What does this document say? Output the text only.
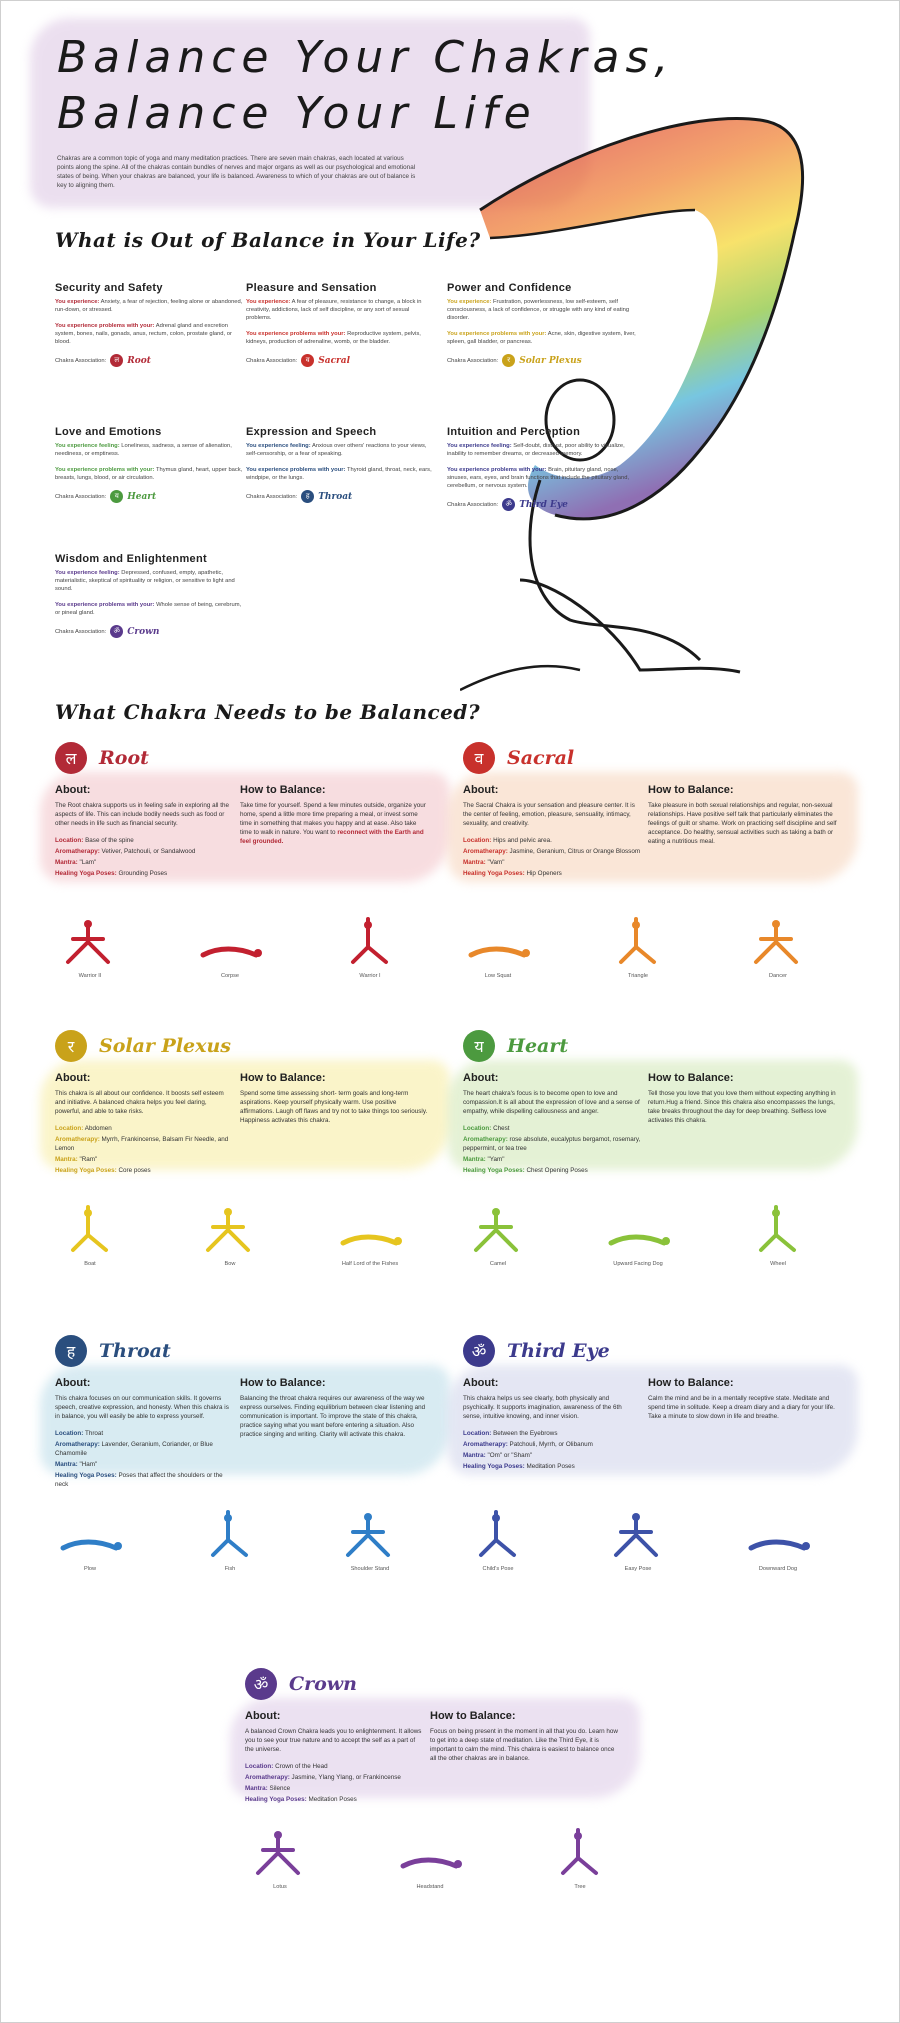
Balance Your Chakras,
Balance Your Life

Chakras are a common topic of yoga and many meditation practices. There are seven main chakras, each located at various points along the spine. All of the chakras contain bundles of nerves and major organs as well as our psychological and emotional states of being. When your chakras are balanced, your life is balanced. Awareness to which of your chakras are out of balance is key to aligning them.

What is Out of Balance in Your Life?
Security and Safety

You experience: Anxiety, a fear of rejection, feeling alone or abandoned, run-down, or stressed.

You experience problems with your: Adrenal gland and excretion system, bones, nails, gonads, anus, rectum, colon, prostate gland, or blood.

Chakra Association:	ल Root
Pleasure and Sensation

You experience: A fear of pleasure, resistance to change, a block in creativity, addictions, lack of self discipline, or any sort of sexual problems.

You experience problems with your: Reproductive system, pelvis, kidneys, production of adrenaline, womb, or the bladder.

Chakra Association:	व Sacral
Power and Confidence

You experience: Frustration, powerlessness, low self-esteem, self consciousness, a lack of confidence, or struggle with any kind of eating disorder.

You experience problems with your: Acne, skin, digestive system, liver, spleen, gall bladder, or pancreas.

Chakra Association:	र	Solar Plexus
Love and Emotions

You experience feeling: Loneliness, sadness, a sense of alienation, neediness, or emptiness.

You experience problems with your: Thymus gland, heart, upper back, breasts, lungs, blood, or air circulation.

Chakra Association:	य Heart
Expression and Speech

You experience feeling: Anxious over others' reactions to your views, self-censorship, or a fear of speaking.

You experience problems with your: Thyroid gland, throat, neck, ears, windpipe, or the lungs.

Chakra Association:	ह Throat
Intuition and Perception

You experience feeling: Self-doubt, distrust, poor ability to visualize, inability to remember dreams, or decreased memory.

You experience problems with your: Brain, pituitary gland, nose, sinuses, ears, eyes, and brain functions that include the pituitary gland, cerebellum, or nervous system.

Chakra Association:	ॐ Third Eye
Wisdom and Enlightenment

You experience feeling: Depressed, confused, empty, apathetic, materialistic, skeptical of spirituality or religion, or sensitive to light and sound.

You experience problems with your: Whole sense of being, cerebrum, or pineal gland.

Chakra Association:	ॐ Crown
What Chakra Needs to be Balanced?
ल	Root
About:

The Root chakra supports us in feeling safe in exploring all the aspects of life. This can include bodily needs such as food or other needs in life such as financial security.

Location: Base of the spine

Aromatherapy: Vetiver, Patchouli, or Sandalwood

Mantra: "Lam"

Healing Yoga Poses: Grounding Poses

How to Balance:

Take time for yourself. Spend a few minutes outside, organize your home, spend a little more time preparing a meal, or invest some time in something that makes you happy and at ease. Also take time to walk in nature. You want to reconnect with the Earth and feel grounded.

Warrior II	Corpse	Warrior I
व	Sacral
About:

The Sacral Chakra is your sensation and pleasure center. It is the center of feeling, emotion, pleasure, sensuality, intimacy, sexuality, and creativity.

Location: Hips and pelvic area.

Aromatherapy: Jasmine, Geranium, Citrus or Orange Blossom

Mantra: "Vam"

Healing Yoga Poses: Hip Openers

How to Balance:

Take pleasure in both sexual relationships and regular, non-sexual relationships. Have positive self talk that particularly eliminates the feelings of guilt or shame. Work on practicing self discipline and self acceptance. Do healthy, sensual activities such as taking a bath or eating a nutritious meal.

Low Squat	Triangle	Dancer
र	Solar Plexus
About:

This chakra is all about our confidence. It boosts self esteem and initiative. A balanced chakra helps you feel daring, powerful, and able to take risks.

Location: Abdomen

Aromatherapy: Myrrh, Frankincense, Balsam Fir Needle, and Lemon

Mantra: "Ram"

Healing Yoga Poses: Core poses

How to Balance:

Spend some time assessing short- term goals and long-term aspirations. Keep yourself physically warm. Use positive affirmations. Laugh off flaws and try not to take things too seriously. Happiness activates this chakra.

Boat	Bow	Half Lord of the Fishes
य	Heart
About:

The heart chakra's focus is to become open to love and compassion.It is all about the expression of love and a sense of empathy, while dispelling callousness and anger.

Location: Chest

Aromatherapy: rose absolute, eucalyptus bergamot, rosemary, peppermint, or tea tree

Mantra: "Yam"

Healing Yoga Poses: Chest Opening Poses

How to Balance:

Tell those you love that you love them without expecting anything in return.Hug a friend. Since this chakra also encompasses the lungs, take breaks throughout the day for deep breathing. Selfless love activates this chakra.

Camel	Upward Facing Dog	Wheel
ह	Throat
About:

This chakra focuses on our communication skills. It governs speech, creative expression, and honesty. When this chakra is in balance, you will easily be able to express yourself.

Location: Throat

Aromatherapy: Lavender, Geranium, Coriander, or Blue Chamomile

Mantra: "Ham"

Healing Yoga Poses: Poses that affect the shoulders or the neck

How to Balance:

Balancing the throat chakra requires our awareness of the way we express ourselves. Finding equilibrium between clear listening and communication is important. To improve the state of this chakra, practice saying what you want before entering a situation. Also practice singing and writing. Clarity will activate this chakra.

Plow	Fish	Shoulder Stand
ॐ	Third Eye
About:

This chakra helps us see clearly, both physically and psychically. It supports imagination, awareness of the 6th sense, intuitive knowing, and inner vision.

Location: Between the Eyebrows

Aromatherapy: Patchouli, Myrrh, or Olibanum

Mantra: "Om" or "Sham"

Healing Yoga Poses: Meditation Poses

How to Balance:

Calm the mind and be in a mentally receptive state. Meditate and spend time in solitude. Keep a dream diary and a diary for your life. Take a minute to slow down in life and breathe.

Child's Pose	Easy Pose	Downward Dog
ॐ	Crown
About:

A balanced Crown Chakra leads you to enlightenment. It allows you to see your true nature and to accept the self as a part of the universe.

Location: Crown of the Head

Aromatherapy: Jasmine, Ylang Ylang, or Frankincense

Mantra: Silence

Healing Yoga Poses: Meditation Poses

How to Balance:

Focus on being present in the moment in all that you do. Learn how to get into a deep state of meditation. Like the Third Eye, it is important to calm the mind. This chakra is easiest to balance once all the other chakras are in balance.

Lotus	Headstand	Tree
